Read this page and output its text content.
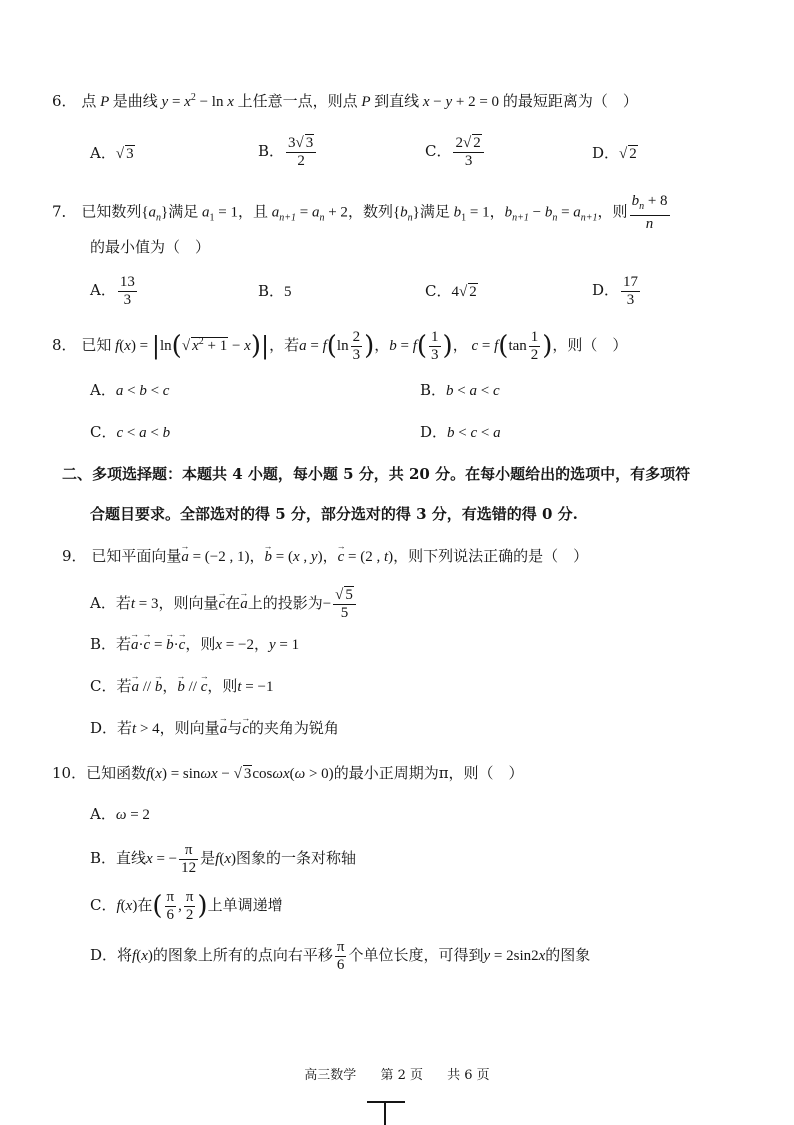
6． 点 P 是曲线 $y = x^2 - \ln x$ 上任意一点，则点 P 到直线 x − y + 2 = 0 的最短距离为（　）
A．√ 3	B． $\frac{3√ 3}{2}$	C． $\frac{2√ 2}{3}$	D．√ 2
7． 已知数列$\{a_n\}$满足 $a_1 = 1$，且 $a_{n+1} = a_n + 2$，数列$\{b_n\}$满足 $b_1 = 1$，$b_{n+1} - b_n = a_{n+1}$，则 $\frac{b_n + 8}{n}$
的最小值为（　）
A． $\frac{13}{3}$	B．5	C．4√ 2	D． $\frac{17}{3}$
8． 已知 f(x) = |ln(√ $x^2 + 1 - x)|$，若$a = f(\ln \frac{2}{3}$ )，$b = f( \frac{1}{3}$ )， $c = f(\tan \frac{1}{2}$ )，则（　）
A．a < b < c	B．b < a < c
C．c < a < b	D．b < c < a
二、多项选择题：本题共 4 小题，每小题 5 分，共 20 分。在每小题给出的选项中，有多项符
合题目要求。全部选对的得 5 分，部分选对的得 3 分，有选错的得 0 分.
9． 已知平面向量→ a = (−2 , 1)，→ b = (x , y)，→ c = (2 , t)，则下列说法正确的是（　）
A．若t = 3，则向量→ c在→ a上的投影为− $\frac{√ 5}{5}$
B．若→ a·→ c = → b·→ c，则x = −2，y = 1
C．若→ a // → b，→ b // → c，则t = −1
D．若t > 4，则向量→ a与→ c的夹角为锐角
10．已知函数f(x) = sinωx − √ 3cosωx(ω > 0)的最小正周期为π，则（　）
A．ω = 2
B．直线x = − $\frac{\pi}{12}$ 是f(x)图象的一条对称轴
C．f(x)在( $\frac{\pi}{6}$ , $\frac{\pi}{2}$ )上单调递增
D．将f(x)的图象上所有的点向右平移 $\frac{\pi}{6}$ 个单位长度，可得到y = 2sin2x的图象
高三数学 第 2 页 共 6 页
